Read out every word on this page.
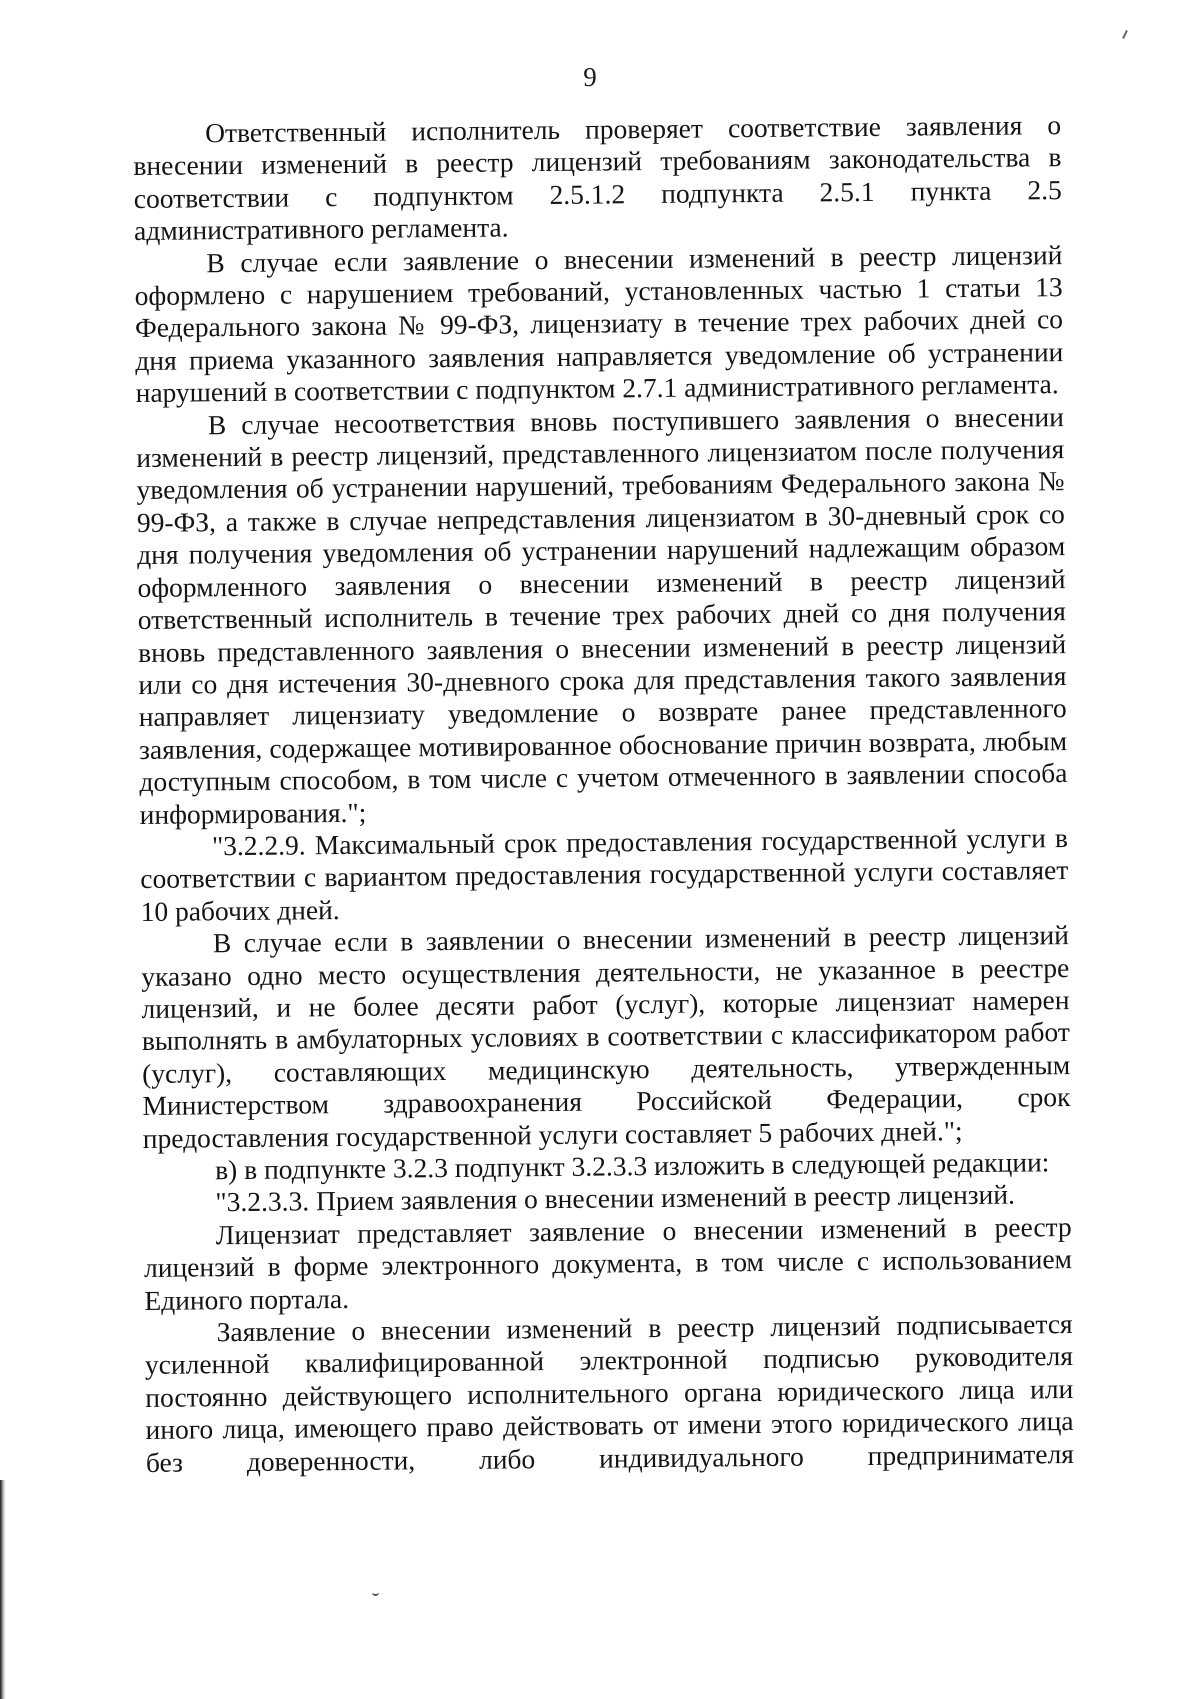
9

Ответственный исполнитель проверяет соответствие заявления о внесении изменений в реестр лицензий требованиям законодательства в соответствии с подпунктом 2.5.1.2 подпункта 2.5.1 пункта 2.5 административного регламента.

В случае если заявление о внесении изменений в реестр лицензий оформлено с нарушением требований, установленных частью 1 статьи 13 Федерального закона № 99-ФЗ, лицензиату в течение трех рабочих дней со дня приема указанного заявления направляется уведомление об устранении нарушений в соответствии с подпунктом 2.7.1 административного регламента.

В случае несоответствия вновь поступившего заявления о внесении изменений в реестр лицензий, представленного лицензиатом после получения уведомления об устранении нарушений, требованиям Федерального закона № 99-ФЗ, а также в случае непредставления лицензиатом в 30-дневный срок со дня получения уведомления об устранении нарушений надлежащим образом оформленного заявления о внесении изменений в реестр лицензий ответственный исполнитель в течение трех рабочих дней со дня получения вновь представленного заявления о внесении изменений в реестр лицензий или со дня истечения 30-дневного срока для представления такого заявления направляет лицензиату уведомление о возврате ранее представленного заявления, содержащее мотивированное обоснование причин возврата, любым доступным способом, в том числе с учетом отмеченного в заявлении способа информирования.";

"3.2.2.9. Максимальный срок предоставления государственной услуги в соответствии с вариантом предоставления государственной услуги составляет 10 рабочих дней.

В случае если в заявлении о внесении изменений в реестр лицензий указано одно место осуществления деятельности, не указанное в реестре лицензий, и не более десяти работ (услуг), которые лицензиат намерен выполнять в амбулаторных условиях в соответствии с классификатором работ (услуг), составляющих медицинскую деятельность, утвержденным Министерством здравоохранения Российской Федерации, срок предоставления государственной услуги составляет 5 рабочих дней.";

в) в подпункте 3.2.3 подпункт 3.2.3.3 изложить в следующей редакции:

"3.2.3.3. Прием заявления о внесении изменений в реестр лицензий.

Лицензиат представляет заявление о внесении изменений в реестр лицензий в форме электронного документа, в том числе с использованием Единого портала.

Заявление о внесении изменений в реестр лицензий подписывается усиленной квалифицированной электронной подписью руководителя постоянно действующего исполнительного органа юридического лица или иного лица, имеющего право действовать от имени этого юридического лица без доверенности, либо индивидуального предпринимателя
